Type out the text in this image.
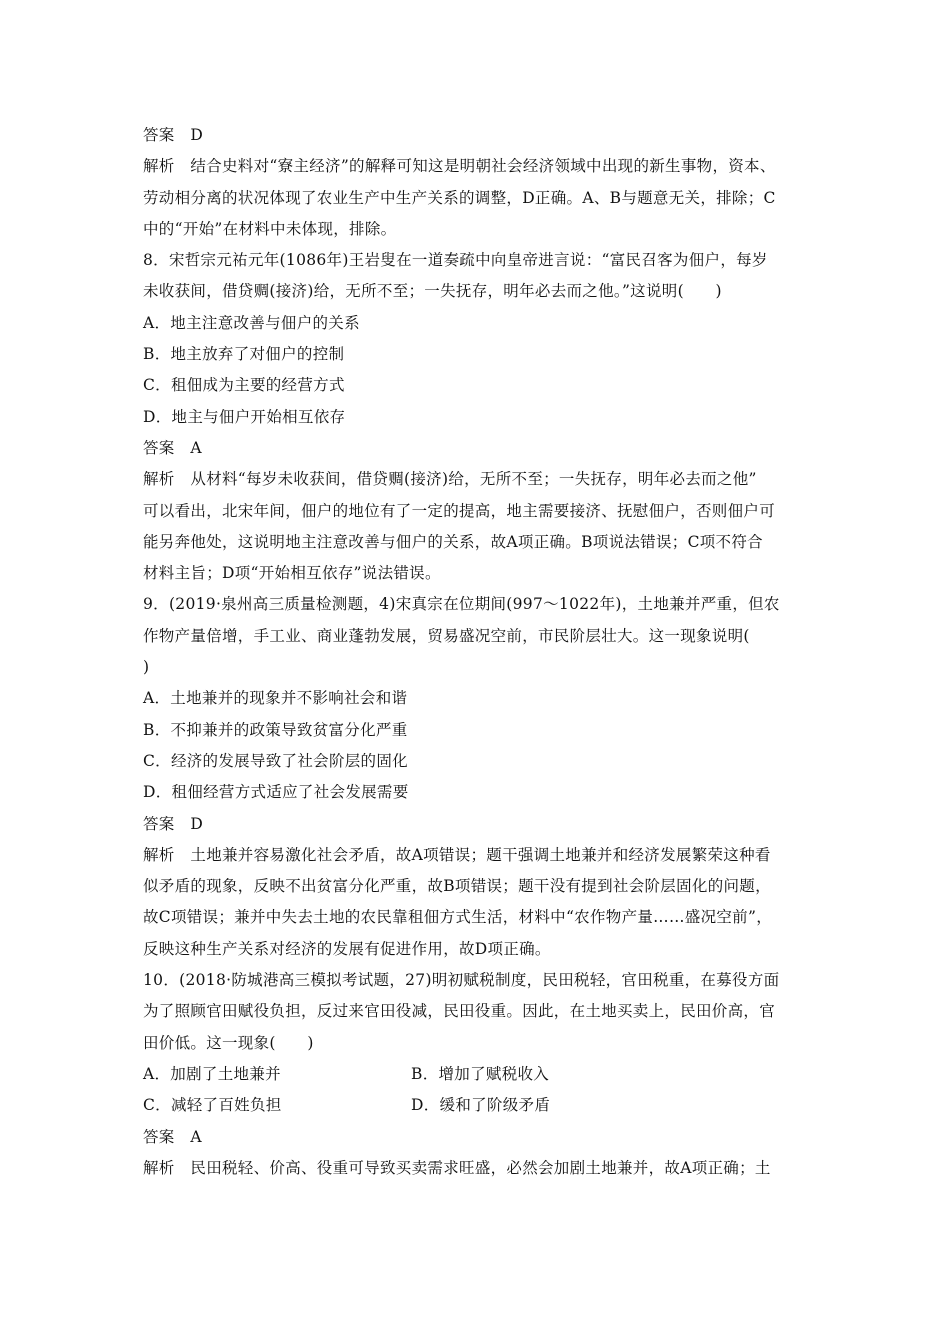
答案　D
解析　结合史料对“寮主经济”的解释可知这是明朝社会经济领域中出现的新生事物，资本、
劳动相分离的状况体现了农业生产中生产关系的调整，D正确。A、B与题意无关，排除；C
中的“开始”在材料中未体现，排除。
8．宋哲宗元祐元年(1086年)王岩叟在一道奏疏中向皇帝进言说：“富民召客为佃户，每岁
未收获间，借贷赒(接济)给，无所不至；一失抚存，明年必去而之他。”这说明(　　)
A．地主注意改善与佃户的关系
B．地主放弃了对佃户的控制
C．租佃成为主要的经营方式
D．地主与佃户开始相互依存
答案　A
解析　从材料“每岁未收获间，借贷赒(接济)给，无所不至；一失抚存，明年必去而之他”
可以看出，北宋年间，佃户的地位有了一定的提高，地主需要接济、抚慰佃户，否则佃户可
能另奔他处，这说明地主注意改善与佃户的关系，故A项正确。B项说法错误；C项不符合
材料主旨；D项“开始相互依存”说法错误。
9．(2019·泉州高三质量检测题，4)宋真宗在位期间(997～1022年)，土地兼并严重，但农
作物产量倍增，手工业、商业蓬勃发展，贸易盛况空前，市民阶层壮大。这一现象说明(
)
A．土地兼并的现象并不影响社会和谐
B．不抑兼并的政策导致贫富分化严重
C．经济的发展导致了社会阶层的固化
D．租佃经营方式适应了社会发展需要
答案　D
解析　土地兼并容易激化社会矛盾，故A项错误；题干强调土地兼并和经济发展繁荣这种看
似矛盾的现象，反映不出贫富分化严重，故B项错误；题干没有提到社会阶层固化的问题，
故C项错误；兼并中失去土地的农民靠租佃方式生活，材料中“农作物产量……盛况空前”，
反映这种生产关系对经济的发展有促进作用，故D项正确。
10．(2018·防城港高三模拟考试题，27)明初赋税制度，民田税轻，官田税重，在募役方面
为了照顾官田赋役负担，反过来官田役减，民田役重。因此，在土地买卖上，民田价高，官
田价低。这一现象(　　)
A．加剧了土地兼并	B．增加了赋税收入
C．减轻了百姓负担	D．缓和了阶级矛盾
答案　A
解析　民田税轻、价高、役重可导致买卖需求旺盛，必然会加剧土地兼并，故A项正确；土
